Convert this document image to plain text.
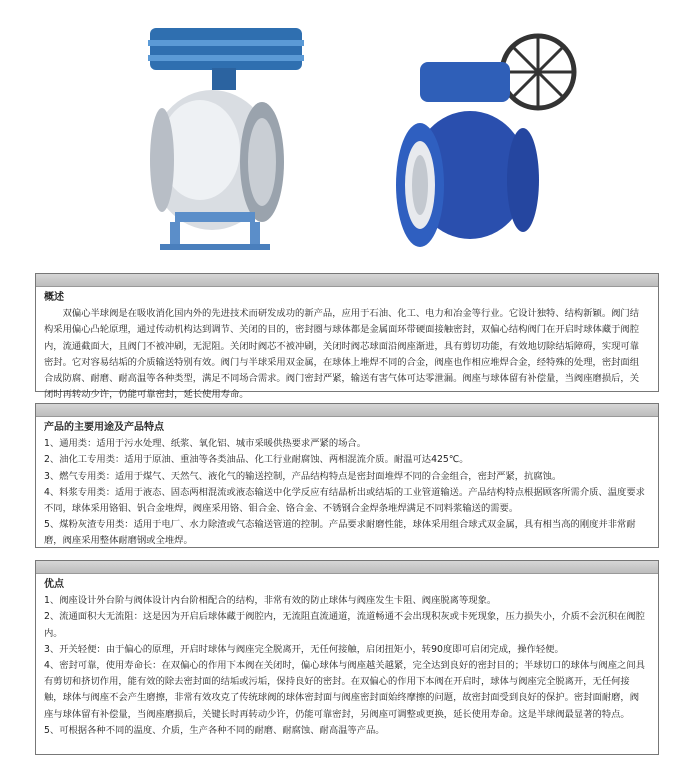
概述
双偏心半球阀是在吸收消化国内外的先进技术而研发成功的新产品，应用于石油、化工、电力和冶金等行业。它设计独特、结构新颖。阀门结构采用偏心凸轮原理，通过传动机构达到调节、关闭的目的，密封圈与球体都是金属面环带硬面接触密封，双偏心结构阀门在开启时球体藏于阀腔内，流通截面大，且阀门不被冲刷，无泥阻。关闭时阀芯不被冲刷，关闭时阀芯球面沿阀座渐进，具有剪切功能，有效地切除结垢障碍，实现可靠密封。它对容易结垢的介质输送特别有效。阀门与半球采用双金属，在球体上堆焊不同的合金，阀座也作相应堆焊合金，经特殊的处理，密封面组合成防腐、耐磨、耐高温等各种类型，满足不同场合需求。阀门密封严紧，输送有害气体可达零泄漏。阀座与球体留有补偿量，当阀座磨损后，关闭时再转动少许，仍能可靠密封，延长使用寿命。
产品的主要用途及产品特点
1、通用类：适用于污水处理、纸浆、氧化铝、城市采暖供热要求严紧的场合。
2、油化工专用类：适用于原油、重油等各类油品、化工行业耐腐蚀、两相混流介质。耐温可达425℃。
3、燃气专用类：适用于煤气、天然气、液化气的输送控制，产品结构特点是密封面堆焊不同的合金组合，密封严紧，抗腐蚀。
4、料浆专用类：适用于液态、固态两相混流或液态输送中化学反应有结晶析出或结垢的工业管道输送。产品结构特点根据顾客所需介质、温度要求不同，球体采用铬钼、钒合金堆焊，阀座采用铬、钼合金、铬合金、不锈钢合金焊条堆焊满足不同料浆输送的需要。
5、煤粉灰渣专用类：适用于电厂、水力除渣或气态输送管道的控制。产品要求耐磨性能，球体采用组合球式双金属，具有相当高的刚度并非常耐磨，阀座采用整体耐磨钢或全堆焊。
优点
1、阀座设计外台阶与阀体设计内台阶相配合的结构，非常有效的防止球体与阀座发生卡阻、阀座脱离等现象。
2、流通面积大无流阻：这是因为开启后球体藏于阀腔内，无流阻直流通道，流道畅通不会出现积灰或卡死现象，压力损失小，介质不会沉积在阀腔内。
3、开关轻便：由于偏心的原理，开启时球体与阀座完全脱离开，无任何接触，启闭扭矩小，转90度即可启闭完成，操作轻便。
4、密封可靠，使用寿命长：在双偏心的作用下本阀在关闭时，偏心球体与阀座越关越紧，完全达到良好的密封目的；半球切口的球体与阀座之间具有剪切和挤切作用，能有效的除去密封面的结垢或污垢，保持良好的密封。在双偏心的作用下本阀在开启时，球体与阀座完全脱离开，无任何接触，球体与阀座不会产生磨擦，非常有效攻克了传统球阀的球体密封面与阀座密封面始终摩擦的问题，故密封面受到良好的保护。密封面耐磨，阀座与球体留有补偿量，当阀座磨损后，关键长时再转动少许，仍能可靠密封，另阀座可调整或更换，延长使用寿命。这是半球阀最显著的特点。
5、可根据各种不同的温度、介质，生产各种不同的耐磨、耐腐蚀、耐高温等产品。
